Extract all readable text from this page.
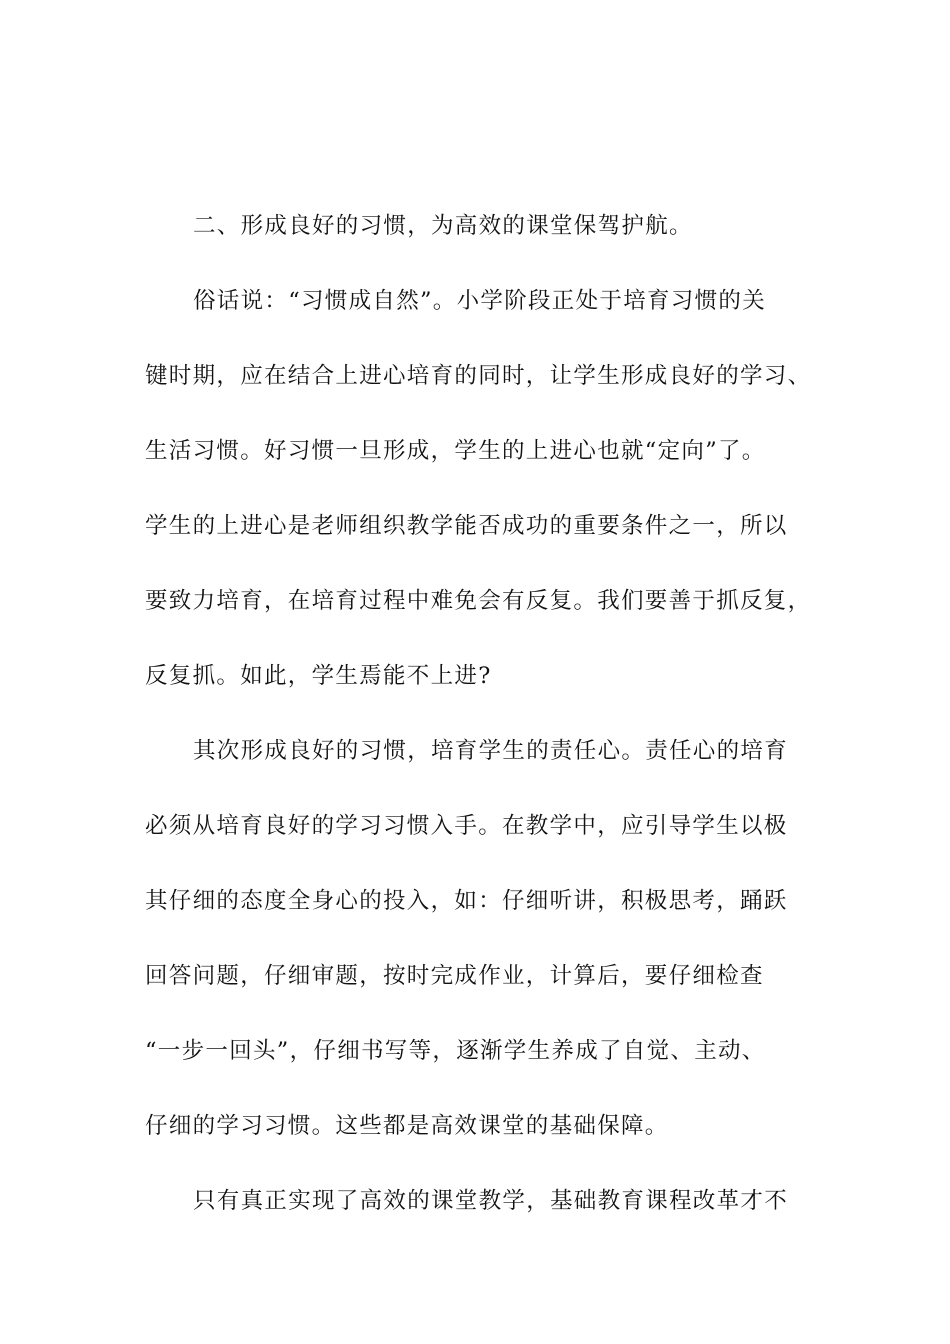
二、形成良好的习惯，为高效的课堂保驾护航。
俗话说：“习惯成自然”。小学阶段正处于培育习惯的关
键时期，应在结合上进心培育的同时，让学生形成良好的学习、
生活习惯。好习惯一旦形成，学生的上进心也就“定向”了。
学生的上进心是老师组织教学能否成功的重要条件之一，所以
要致力培育，在培育过程中难免会有反复。我们要善于抓反复，
反复抓。如此，学生焉能不上进?
其次形成良好的习惯，培育学生的责任心。责任心的培育
必须从培育良好的学习习惯入手。在教学中，应引导学生以极
其仔细的态度全身心的投入，如：仔细听讲，积极思考，踊跃
回答问题，仔细审题，按时完成作业，计算后，要仔细检查
“一步一回头”，仔细书写等，逐渐学生养成了自觉、主动、
仔细的学习习惯。这些都是高效课堂的基础保障。
只有真正实现了高效的课堂教学，基础教育课程改革才不
